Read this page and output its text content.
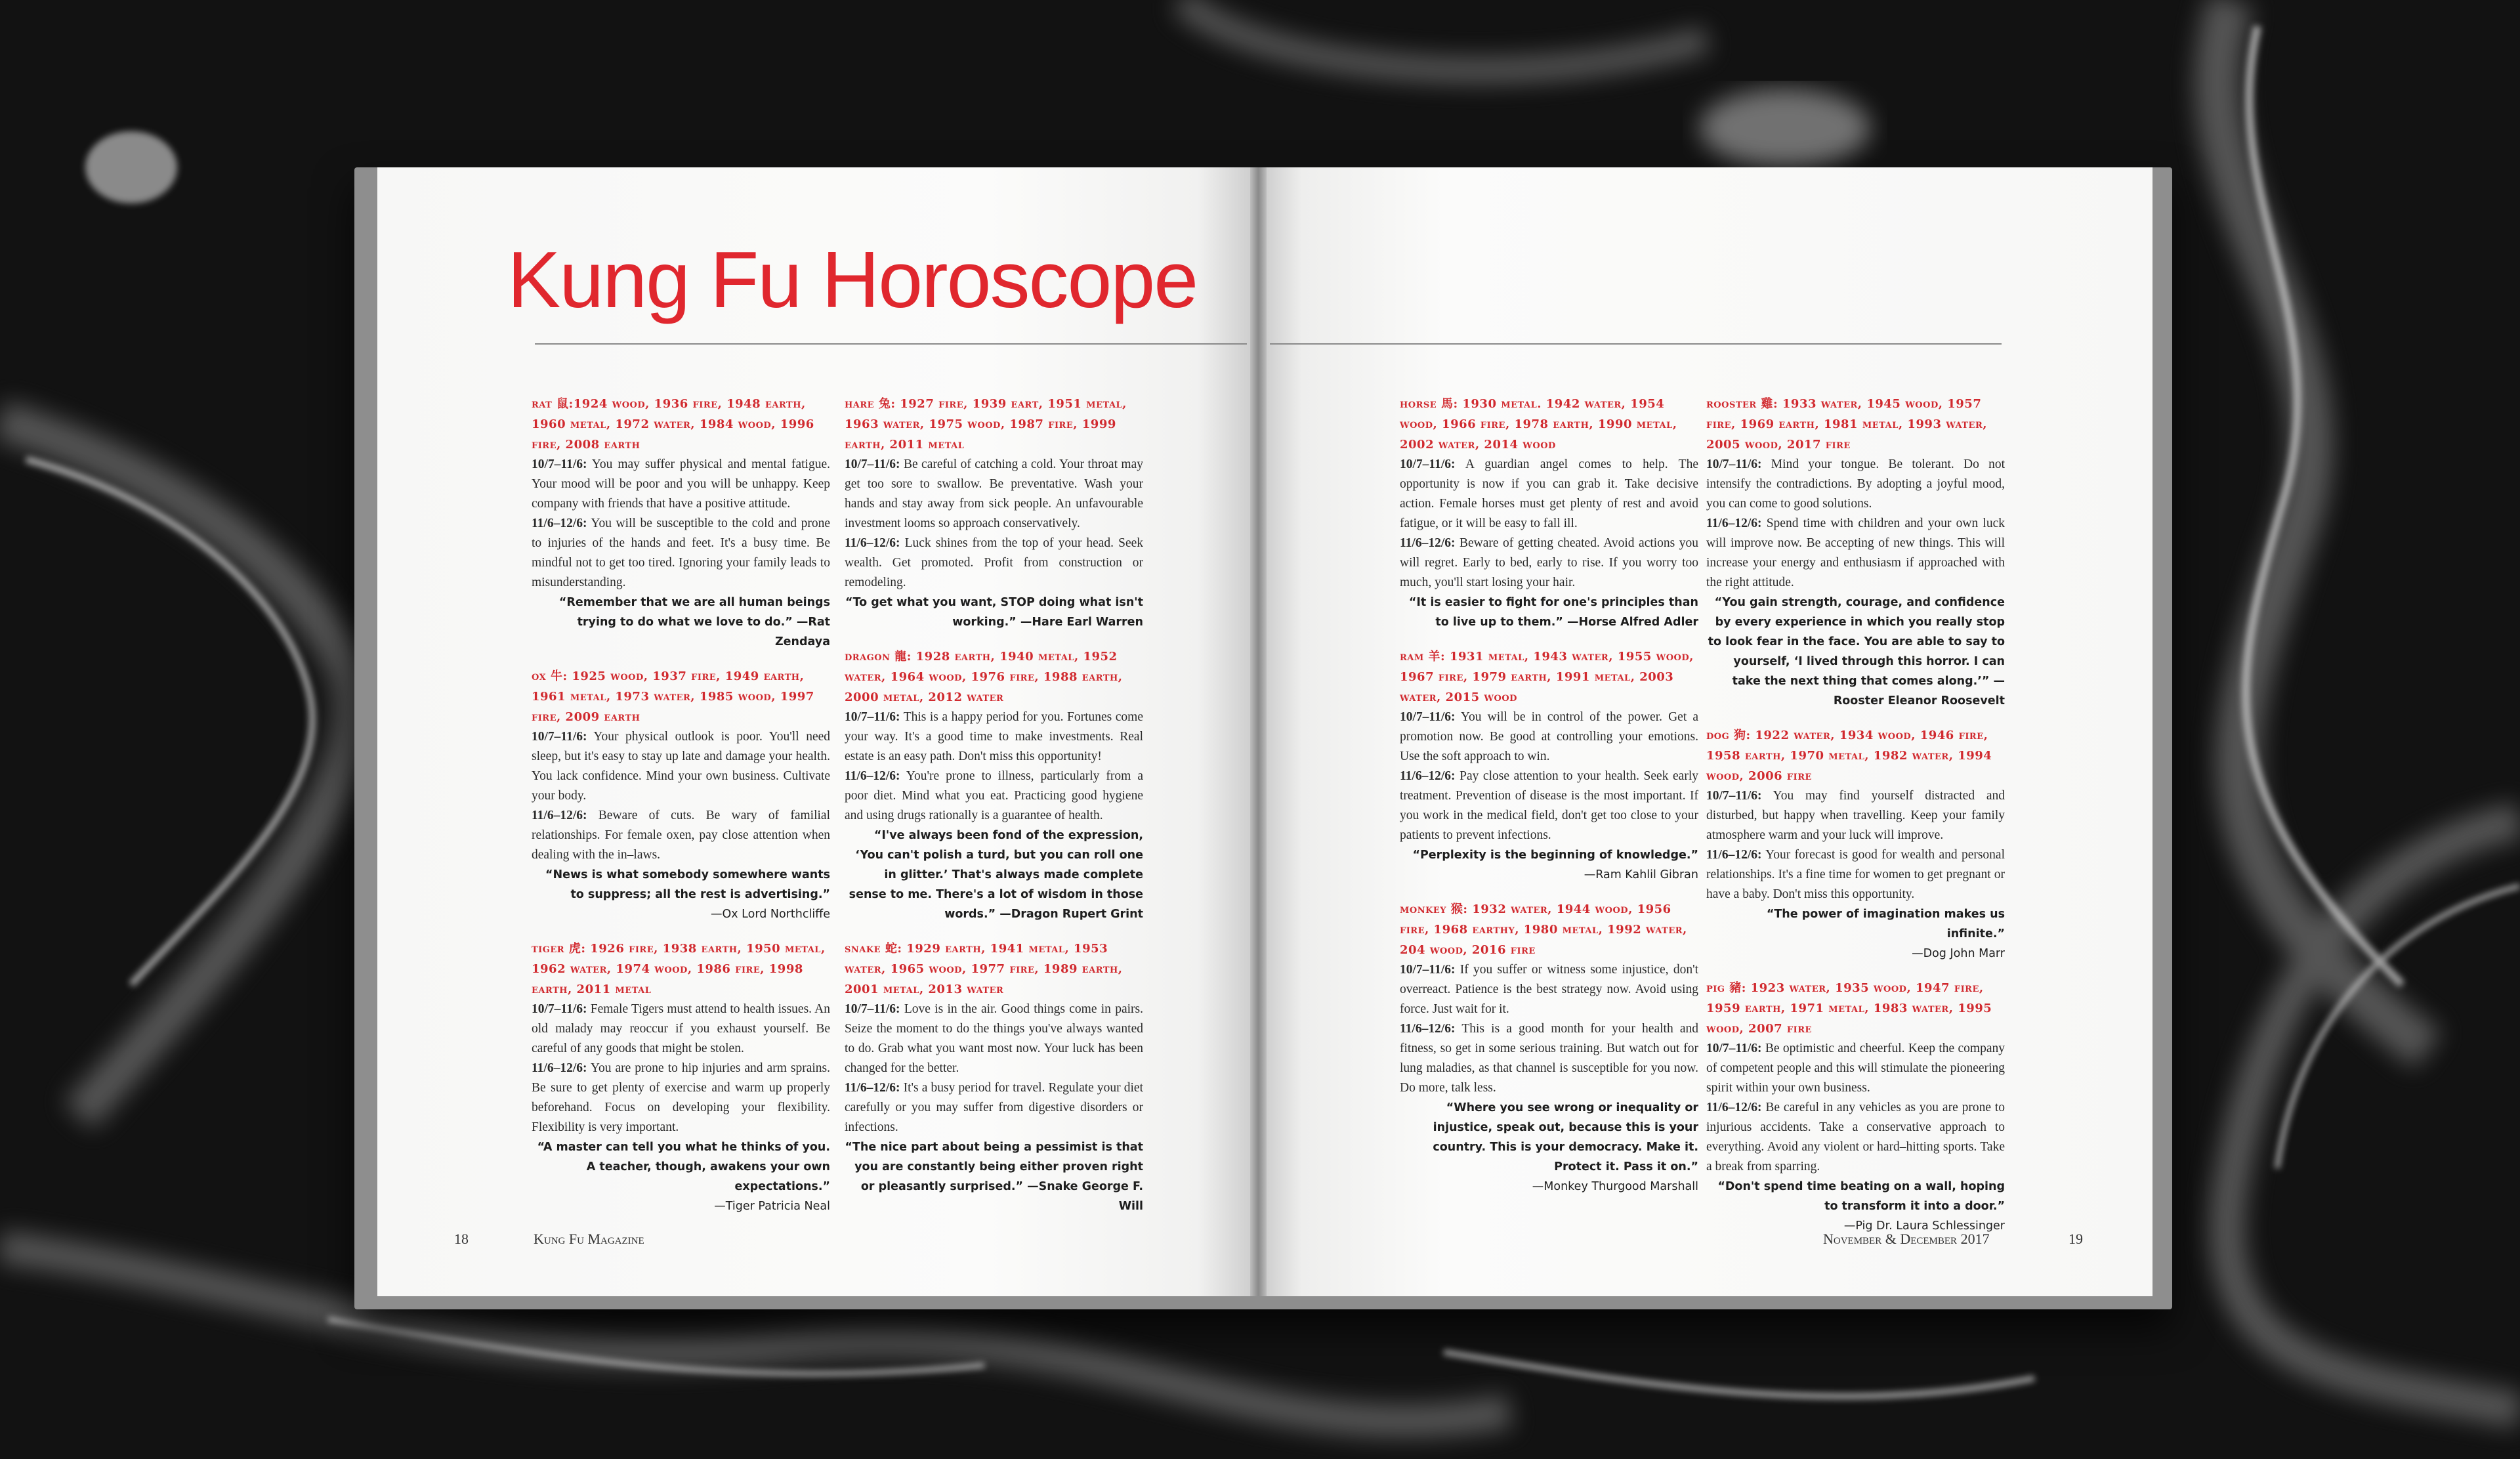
Kung Fu Horoscope
rat 鼠:1924 wood, 1936 fire, 1948 earth, 1960 metal, 1972 water, 1984 wood, 1996 fire, 2008 earth
10/7–11/6: You may suffer physical and mental fatigue. Your mood will be poor and you will be unhappy. Keep company with friends that have a positive attitude.
11/6–12/6: You will be susceptible to the cold and prone to injuries of the hands and feet. It's a busy time. Be mindful not to get too tired. Ignoring your family leads to misunderstanding.
“Remember that we are all human beings trying to do what we love to do.” —Rat Zendaya
ox 牛: 1925 wood, 1937 fire, 1949 earth, 1961 metal, 1973 water, 1985 wood, 1997 fire, 2009 earth
10/7–11/6: Your physical outlook is poor. You'll need sleep, but it's easy to stay up late and damage your health. You lack confidence. Mind your own business. Cultivate your body.
11/6–12/6: Beware of cuts. Be wary of familial relationships. For female oxen, pay close attention when dealing with the in–laws.
“News is what somebody somewhere wants to suppress; all the rest is advertising.”
—Ox Lord Northcliffe
tiger 虎: 1926 fire, 1938 earth, 1950 metal, 1962 water, 1974 wood, 1986 fire, 1998 earth, 2011 metal
10/7–11/6: Female Tigers must attend to health issues. An old malady may reoccur if you exhaust yourself. Be careful of any goods that might be stolen.
11/6–12/6: You are prone to hip injuries and arm sprains. Be sure to get plenty of exercise and warm up properly beforehand. Focus on developing your flexibility. Flexibility is very important.
“A master can tell you what he thinks of you. A teacher, though, awakens your own expectations.”
—Tiger Patricia Neal
hare 兔: 1927 fire, 1939 eart, 1951 metal, 1963 water, 1975 wood, 1987 fire, 1999 earth, 2011 metal
10/7–11/6: Be careful of catching a cold. Your throat may get too sore to swallow. Be preventative. Wash your hands and stay away from sick people. An unfavourable investment looms so approach conservatively.
11/6–12/6: Luck shines from the top of your head. Seek wealth. Get promoted. Profit from construction or remodeling.
“To get what you want, STOP doing what isn't working.” —Hare Earl Warren
dragon 龍: 1928 earth, 1940 metal, 1952 water, 1964 wood, 1976 fire, 1988 earth, 2000 metal, 2012 water
10/7–11/6: This is a happy period for you. Fortunes come your way. It's a good time to make investments. Real estate is an easy path. Don't miss this opportunity!
11/6–12/6: You're prone to illness, particularly from a poor diet. Mind what you eat. Practicing good hygiene and using drugs rationally is a guarantee of health.
“I've always been fond of the expression, ‘You can't polish a turd, but you can roll one in glitter.’ That's always made complete sense to me. There's a lot of wisdom in those words.” —Dragon Rupert Grint
snake 蛇: 1929 earth, 1941 metal, 1953 water, 1965 wood, 1977 fire, 1989 earth, 2001 metal, 2013 water
10/7–11/6: Love is in the air. Good things come in pairs. Seize the moment to do the things you've always wanted to do. Grab what you want most now. Your luck has been changed for the better.
11/6–12/6: It's a busy period for travel. Regulate your diet carefully or you may suffer from digestive disorders or infections.
“The nice part about being a pessimist is that you are constantly being either proven right or pleasantly surprised.” —Snake George F. Will
horse 馬: 1930 metal. 1942 water, 1954 wood, 1966 fire, 1978 earth, 1990 metal, 2002 water, 2014 wood
10/7–11/6: A guardian angel comes to help. The opportunity is now if you can grab it. Take decisive action. Female horses must get plenty of rest and avoid fatigue, or it will be easy to fall ill.
11/6–12/6: Beware of getting cheated. Avoid actions you will regret. Early to bed, early to rise. If you worry too much, you'll start losing your hair.
“It is easier to fight for one's principles than to live up to them.” —Horse Alfred Adler
ram 羊: 1931 metal, 1943 water, 1955 wood, 1967 fire, 1979 earth, 1991 metal, 2003 water, 2015 wood
10/7–11/6: You will be in control of the power. Get a promotion now. Be good at controlling your emotions. Use the soft approach to win.
11/6–12/6: Pay close attention to your health. Seek early treatment. Prevention of disease is the most important. If you work in the medical field, don't get too close to your patients to prevent infections.
“Perplexity is the beginning of knowledge.”
—Ram Kahlil Gibran
monkey 猴: 1932 water, 1944 wood, 1956 fire, 1968 earthy, 1980 metal, 1992 water, 204 wood, 2016 fire
10/7–11/6: If you suffer or witness some injustice, don't overreact. Patience is the best strategy now. Avoid using force. Just wait for it.
11/6–12/6: This is a good month for your health and fitness, so get in some serious training. But watch out for lung maladies, as that channel is susceptible for you now. Do more, talk less.
“Where you see wrong or inequality or injustice, speak out, because this is your country. This is your democracy. Make it. Protect it. Pass it on.”
—Monkey Thurgood Marshall
rooster 雞: 1933 water, 1945 wood, 1957 fire, 1969 earth, 1981 metal, 1993 water, 2005 wood, 2017 fire
10/7–11/6: Mind your tongue. Be tolerant. Do not intensify the contradictions. By adopting a joyful mood, you can come to good solutions.
11/6–12/6: Spend time with children and your own luck will improve now. Be accepting of new things. This will increase your energy and enthusiasm if approached with the right attitude.
“You gain strength, courage, and confidence by every experience in which you really stop to look fear in the face. You are able to say to yourself, ‘I lived through this horror. I can take the next thing that comes along.’” —Rooster Eleanor Roosevelt
dog 狗: 1922 water, 1934 wood, 1946 fire, 1958 earth, 1970 metal, 1982 water, 1994 wood, 2006 fire
10/7–11/6: You may find yourself distracted and disturbed, but happy when travelling. Keep your family atmosphere warm and your luck will improve.
11/6–12/6: Your forecast is good for wealth and personal relationships. It's a fine time for women to get pregnant or have a baby. Don't miss this opportunity.
“The power of imagination makes us infinite.”
—Dog John Marr
pig 豬: 1923 water, 1935 wood, 1947 fire, 1959 earth, 1971 metal, 1983 water, 1995 wood, 2007 fire
10/7–11/6: Be optimistic and cheerful. Keep the company of competent people and this will stimulate the pioneering spirit within your own business.
11/6–12/6: Be careful in any vehicles as you are prone to injurious accidents. Take a conservative approach to everything. Avoid any violent or hard–hitting sports. Take a break from sparring.
“Don't spend time beating on a wall, hoping to transform it into a door.”
—Pig Dr. Laura Schlessinger
18	Kung Fu Magazine	November & December 2017	19
